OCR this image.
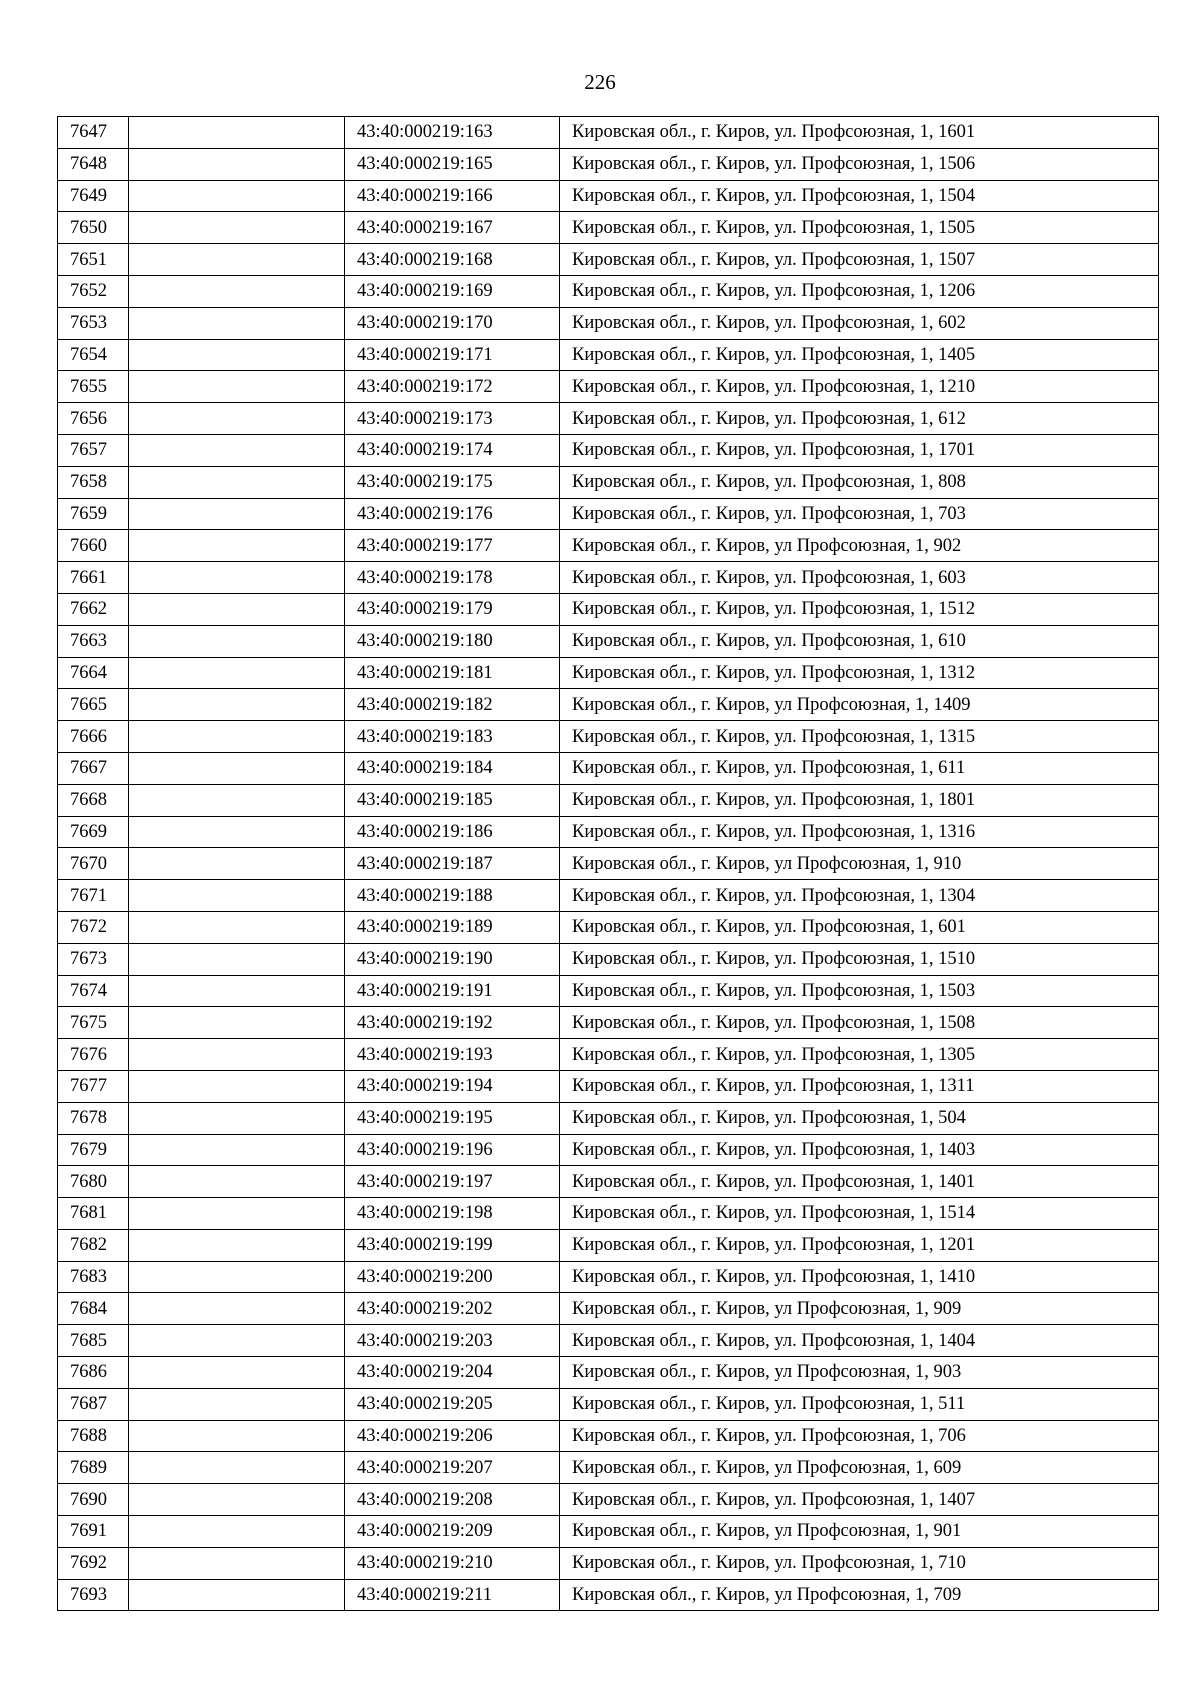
226
7647		43:40:000219:163	Кировская обл., г. Киров, ул. Профсоюзная, 1, 1601
7648		43:40:000219:165	Кировская обл., г. Киров, ул. Профсоюзная, 1, 1506
7649		43:40:000219:166	Кировская обл., г. Киров, ул. Профсоюзная, 1, 1504
7650		43:40:000219:167	Кировская обл., г. Киров, ул. Профсоюзная, 1, 1505
7651		43:40:000219:168	Кировская обл., г. Киров, ул. Профсоюзная, 1, 1507
7652		43:40:000219:169	Кировская обл., г. Киров, ул. Профсоюзная, 1, 1206
7653		43:40:000219:170	Кировская обл., г. Киров, ул. Профсоюзная, 1, 602
7654		43:40:000219:171	Кировская обл., г. Киров, ул. Профсоюзная, 1, 1405
7655		43:40:000219:172	Кировская обл., г. Киров, ул. Профсоюзная, 1, 1210
7656		43:40:000219:173	Кировская обл., г. Киров, ул. Профсоюзная, 1, 612
7657		43:40:000219:174	Кировская обл., г. Киров, ул. Профсоюзная, 1, 1701
7658		43:40:000219:175	Кировская обл., г. Киров, ул. Профсоюзная, 1, 808
7659		43:40:000219:176	Кировская обл., г. Киров, ул. Профсоюзная, 1, 703
7660		43:40:000219:177	Кировская обл., г. Киров, ул Профсоюзная, 1, 902
7661		43:40:000219:178	Кировская обл., г. Киров, ул. Профсоюзная, 1, 603
7662		43:40:000219:179	Кировская обл., г. Киров, ул. Профсоюзная, 1, 1512
7663		43:40:000219:180	Кировская обл., г. Киров, ул. Профсоюзная, 1, 610
7664		43:40:000219:181	Кировская обл., г. Киров, ул. Профсоюзная, 1, 1312
7665		43:40:000219:182	Кировская обл., г. Киров, ул Профсоюзная, 1, 1409
7666		43:40:000219:183	Кировская обл., г. Киров, ул. Профсоюзная, 1, 1315
7667		43:40:000219:184	Кировская обл., г. Киров, ул. Профсоюзная, 1, 611
7668		43:40:000219:185	Кировская обл., г. Киров, ул. Профсоюзная, 1, 1801
7669		43:40:000219:186	Кировская обл., г. Киров, ул. Профсоюзная, 1, 1316
7670		43:40:000219:187	Кировская обл., г. Киров, ул Профсоюзная, 1, 910
7671		43:40:000219:188	Кировская обл., г. Киров, ул. Профсоюзная, 1, 1304
7672		43:40:000219:189	Кировская обл., г. Киров, ул. Профсоюзная, 1, 601
7673		43:40:000219:190	Кировская обл., г. Киров, ул. Профсоюзная, 1, 1510
7674		43:40:000219:191	Кировская обл., г. Киров, ул. Профсоюзная, 1, 1503
7675		43:40:000219:192	Кировская обл., г. Киров, ул. Профсоюзная, 1, 1508
7676		43:40:000219:193	Кировская обл., г. Киров, ул. Профсоюзная, 1, 1305
7677		43:40:000219:194	Кировская обл., г. Киров, ул. Профсоюзная, 1, 1311
7678		43:40:000219:195	Кировская обл., г. Киров, ул. Профсоюзная, 1, 504
7679		43:40:000219:196	Кировская обл., г. Киров, ул. Профсоюзная, 1, 1403
7680		43:40:000219:197	Кировская обл., г. Киров, ул. Профсоюзная, 1, 1401
7681		43:40:000219:198	Кировская обл., г. Киров, ул. Профсоюзная, 1, 1514
7682		43:40:000219:199	Кировская обл., г. Киров, ул. Профсоюзная, 1, 1201
7683		43:40:000219:200	Кировская обл., г. Киров, ул. Профсоюзная, 1, 1410
7684		43:40:000219:202	Кировская обл., г. Киров, ул Профсоюзная, 1, 909
7685		43:40:000219:203	Кировская обл., г. Киров, ул. Профсоюзная, 1, 1404
7686		43:40:000219:204	Кировская обл., г. Киров, ул Профсоюзная, 1, 903
7687		43:40:000219:205	Кировская обл., г. Киров, ул. Профсоюзная, 1, 511
7688		43:40:000219:206	Кировская обл., г. Киров, ул. Профсоюзная, 1, 706
7689		43:40:000219:207	Кировская обл., г. Киров, ул Профсоюзная, 1, 609
7690		43:40:000219:208	Кировская обл., г. Киров, ул. Профсоюзная, 1, 1407
7691		43:40:000219:209	Кировская обл., г. Киров, ул Профсоюзная, 1, 901
7692		43:40:000219:210	Кировская обл., г. Киров, ул. Профсоюзная, 1, 710
7693		43:40:000219:211	Кировская обл., г. Киров, ул Профсоюзная, 1, 709
